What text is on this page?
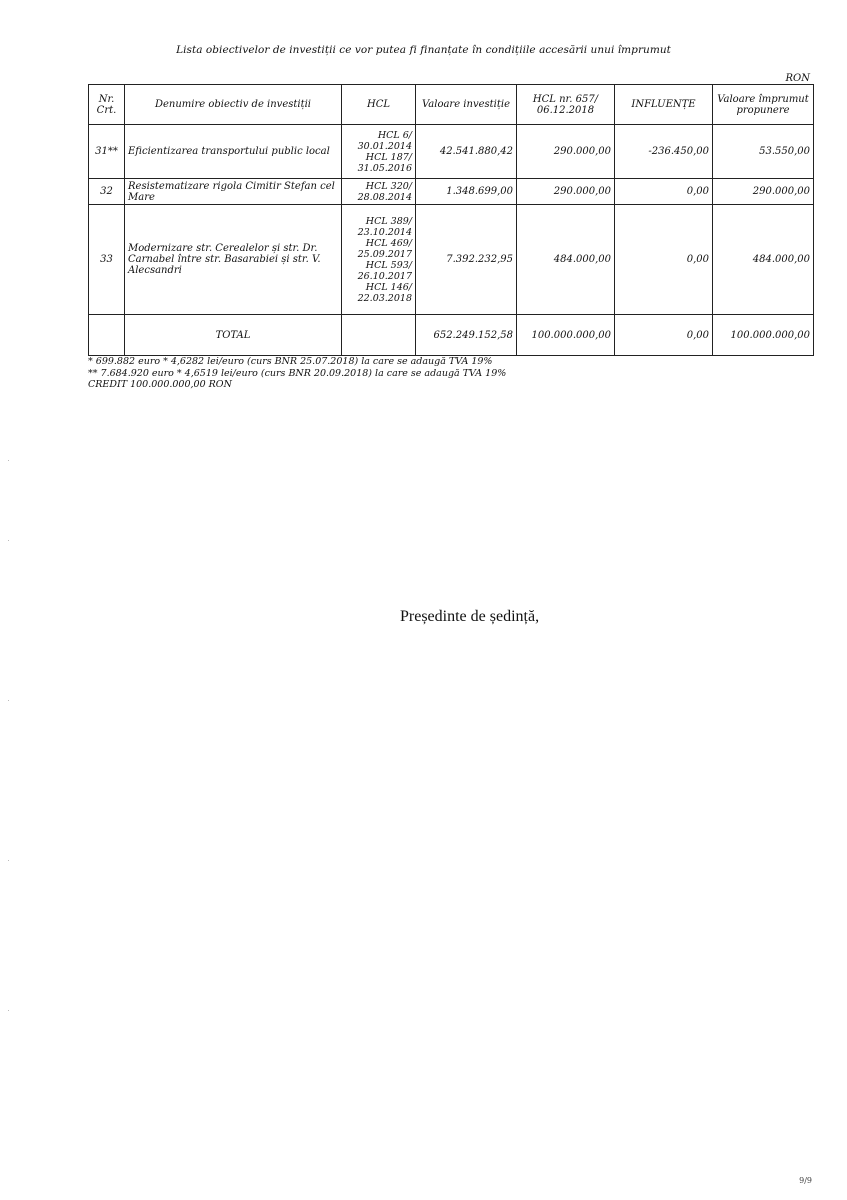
Lista obiectivelor de investiții ce vor putea fi finanțate în condițiile accesării unui împrumut
RON
Nr. Crt.	Denumire obiectiv de investiții	HCL	Valoare investiție	HCL nr. 657/ 06.12.2018	INFLUENȚE	Valoare împrumut propunere
31**	Eficientizarea transportului public local	HCL 6/ 30.01.2014 HCL 187/ 31.05.2016	42.541.880,42	290.000,00	-236.450,00	53.550,00
32	Resistematizare rigola Cimitir Stefan cel Mare	HCL 320/ 28.08.2014	1.348.699,00	290.000,00	0,00	290.000,00
33	Modernizare str. Cerealelor și str. Dr. Carnabel între str. Basarabiei și str. V. Alecsandri	HCL 389/ 23.10.2014 HCL 469/ 25.09.2017 HCL 593/ 26.10.2017 HCL 146/ 22.03.2018	7.392.232,95	484.000,00	0,00	484.000,00
	TOTAL		652.249.152,58	100.000.000,00	0,00	100.000.000,00
* 699.882 euro * 4,6282 lei/euro (curs BNR 25.07.2018) la care se adaugă TVA 19%
** 7.684.920 euro * 4,6519 lei/euro (curs BNR 20.09.2018) la care se adaugă TVA 19%
CREDIT 100.000.000,00 RON
Președinte de ședință,
9/9
